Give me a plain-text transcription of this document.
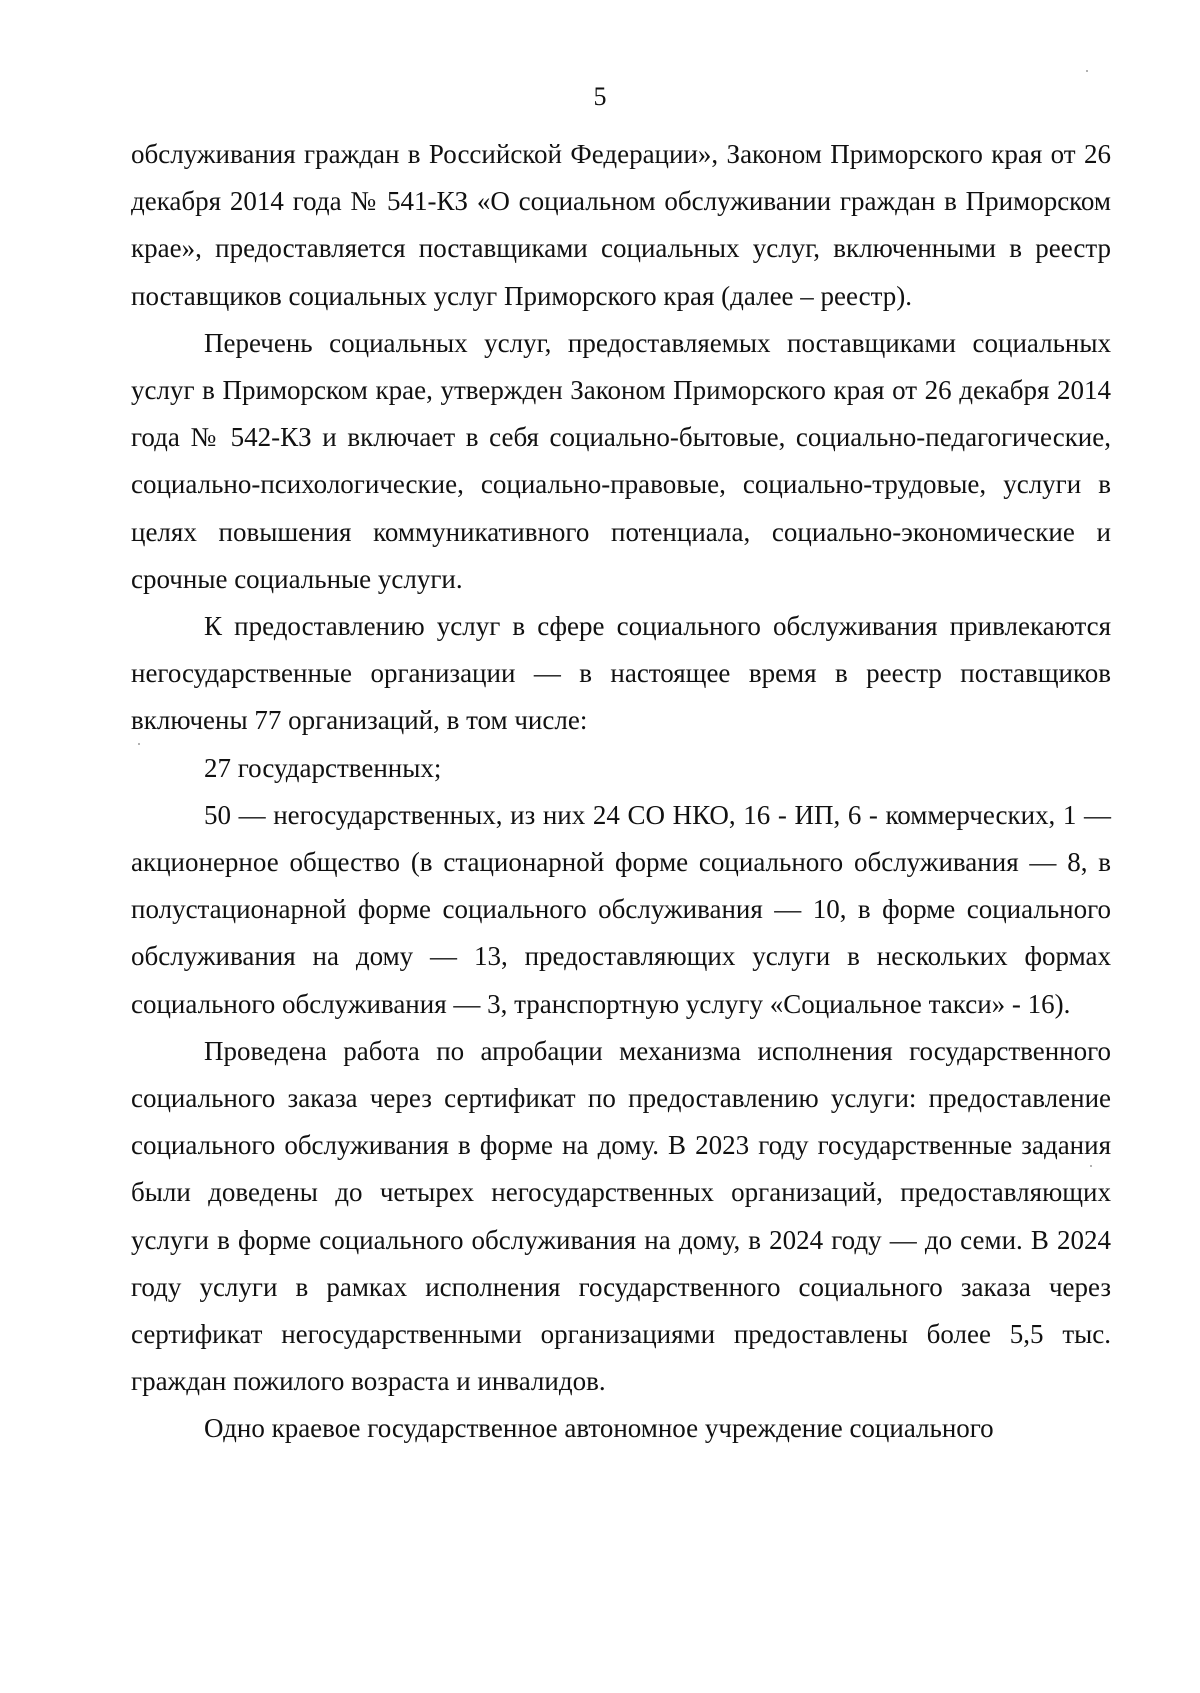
5

обслуживания граждан в Российской Федерации», Законом Приморского края от 26 декабря 2014 года № 541-КЗ «О социальном обслуживании граждан в Приморском крае», предоставляется поставщиками социальных услуг, включенными в реестр поставщиков социальных услуг Приморского края (далее – реестр).

Перечень социальных услуг, предоставляемых поставщиками социальных услуг в Приморском крае, утвержден Законом Приморского края от 26 декабря 2014 года № 542-КЗ и включает в себя социально-бытовые, социально-педагогические, социально-психологические, социально-правовые, социально-трудовые, услуги в целях повышения коммуникативного потенциала, социально-экономические и срочные социальные услуги.

К предоставлению услуг в сфере социального обслуживания привлекаются негосударственные организации — в настоящее время в реестр поставщиков включены 77 организаций, в том числе:

27 государственных;

50 — негосударственных, из них 24 СО НКО, 16 - ИП, 6 - коммерческих, 1 — акционерное общество (в стационарной форме социального обслуживания — 8, в полустационарной форме социального обслуживания — 10, в форме социального обслуживания на дому — 13, предоставляющих услуги в нескольких формах социального обслуживания — 3, транспортную услугу «Социальное такси» - 16).

Проведена работа по апробации механизма исполнения государственного социального заказа через сертификат по предоставлению услуги: предоставление социального обслуживания в форме на дому. В 2023 году государственные задания были доведены до четырех негосударственных организаций, предоставляющих услуги в форме социального обслуживания на дому, в 2024 году — до семи. В 2024 году услуги в рамках исполнения государственного социального заказа через сертификат негосударственными организациями предоставлены более 5,5 тыс. граждан пожилого возраста и инвалидов.

Одно краевое государственное автономное учреждение социального
